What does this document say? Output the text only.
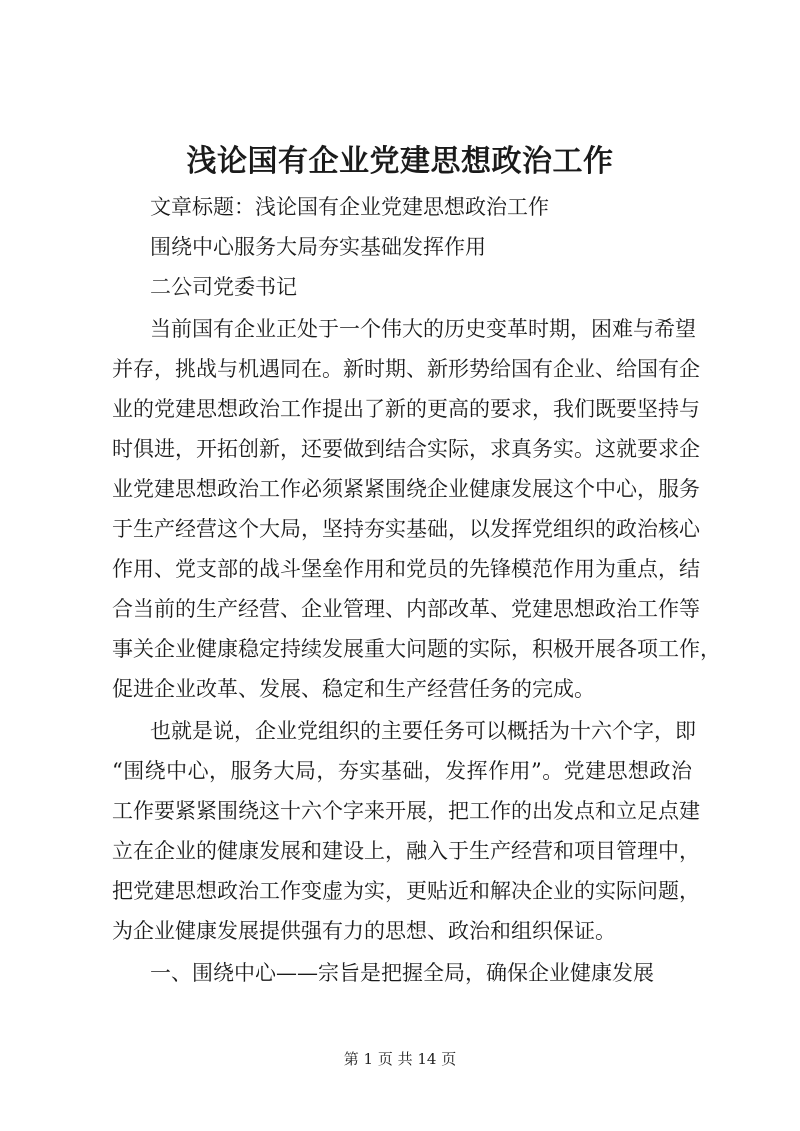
浅论国有企业党建思想政治工作
文章标题：浅论国有企业党建思想政治工作
围绕中心服务大局夯实基础发挥作用
二公司党委书记
当前国有企业正处于一个伟大的历史变革时期，困难与希望
并存，挑战与机遇同在。新时期、新形势给国有企业、给国有企
业的党建思想政治工作提出了新的更高的要求，我们既要坚持与
时俱进，开拓创新，还要做到结合实际，求真务实。这就要求企
业党建思想政治工作必须紧紧围绕企业健康发展这个中心，服务
于生产经营这个大局，坚持夯实基础，以发挥党组织的政治核心
作用、党支部的战斗堡垒作用和党员的先锋模范作用为重点，结
合当前的生产经营、企业管理、内部改革、党建思想政治工作等
事关企业健康稳定持续发展重大问题的实际，积极开展各项工作，
促进企业改革、发展、稳定和生产经营任务的完成。
也就是说，企业党组织的主要任务可以概括为十六个字，即
“围绕中心，服务大局，夯实基础，发挥作用”。党建思想政治
工作要紧紧围绕这十六个字来开展，把工作的出发点和立足点建
立在企业的健康发展和建设上，融入于生产经营和项目管理中，
把党建思想政治工作变虚为实，更贴近和解决企业的实际问题，
为企业健康发展提供强有力的思想、政治和组织保证。
一、围绕中心——宗旨是把握全局，确保企业健康发展
第 1 页 共 14 页
